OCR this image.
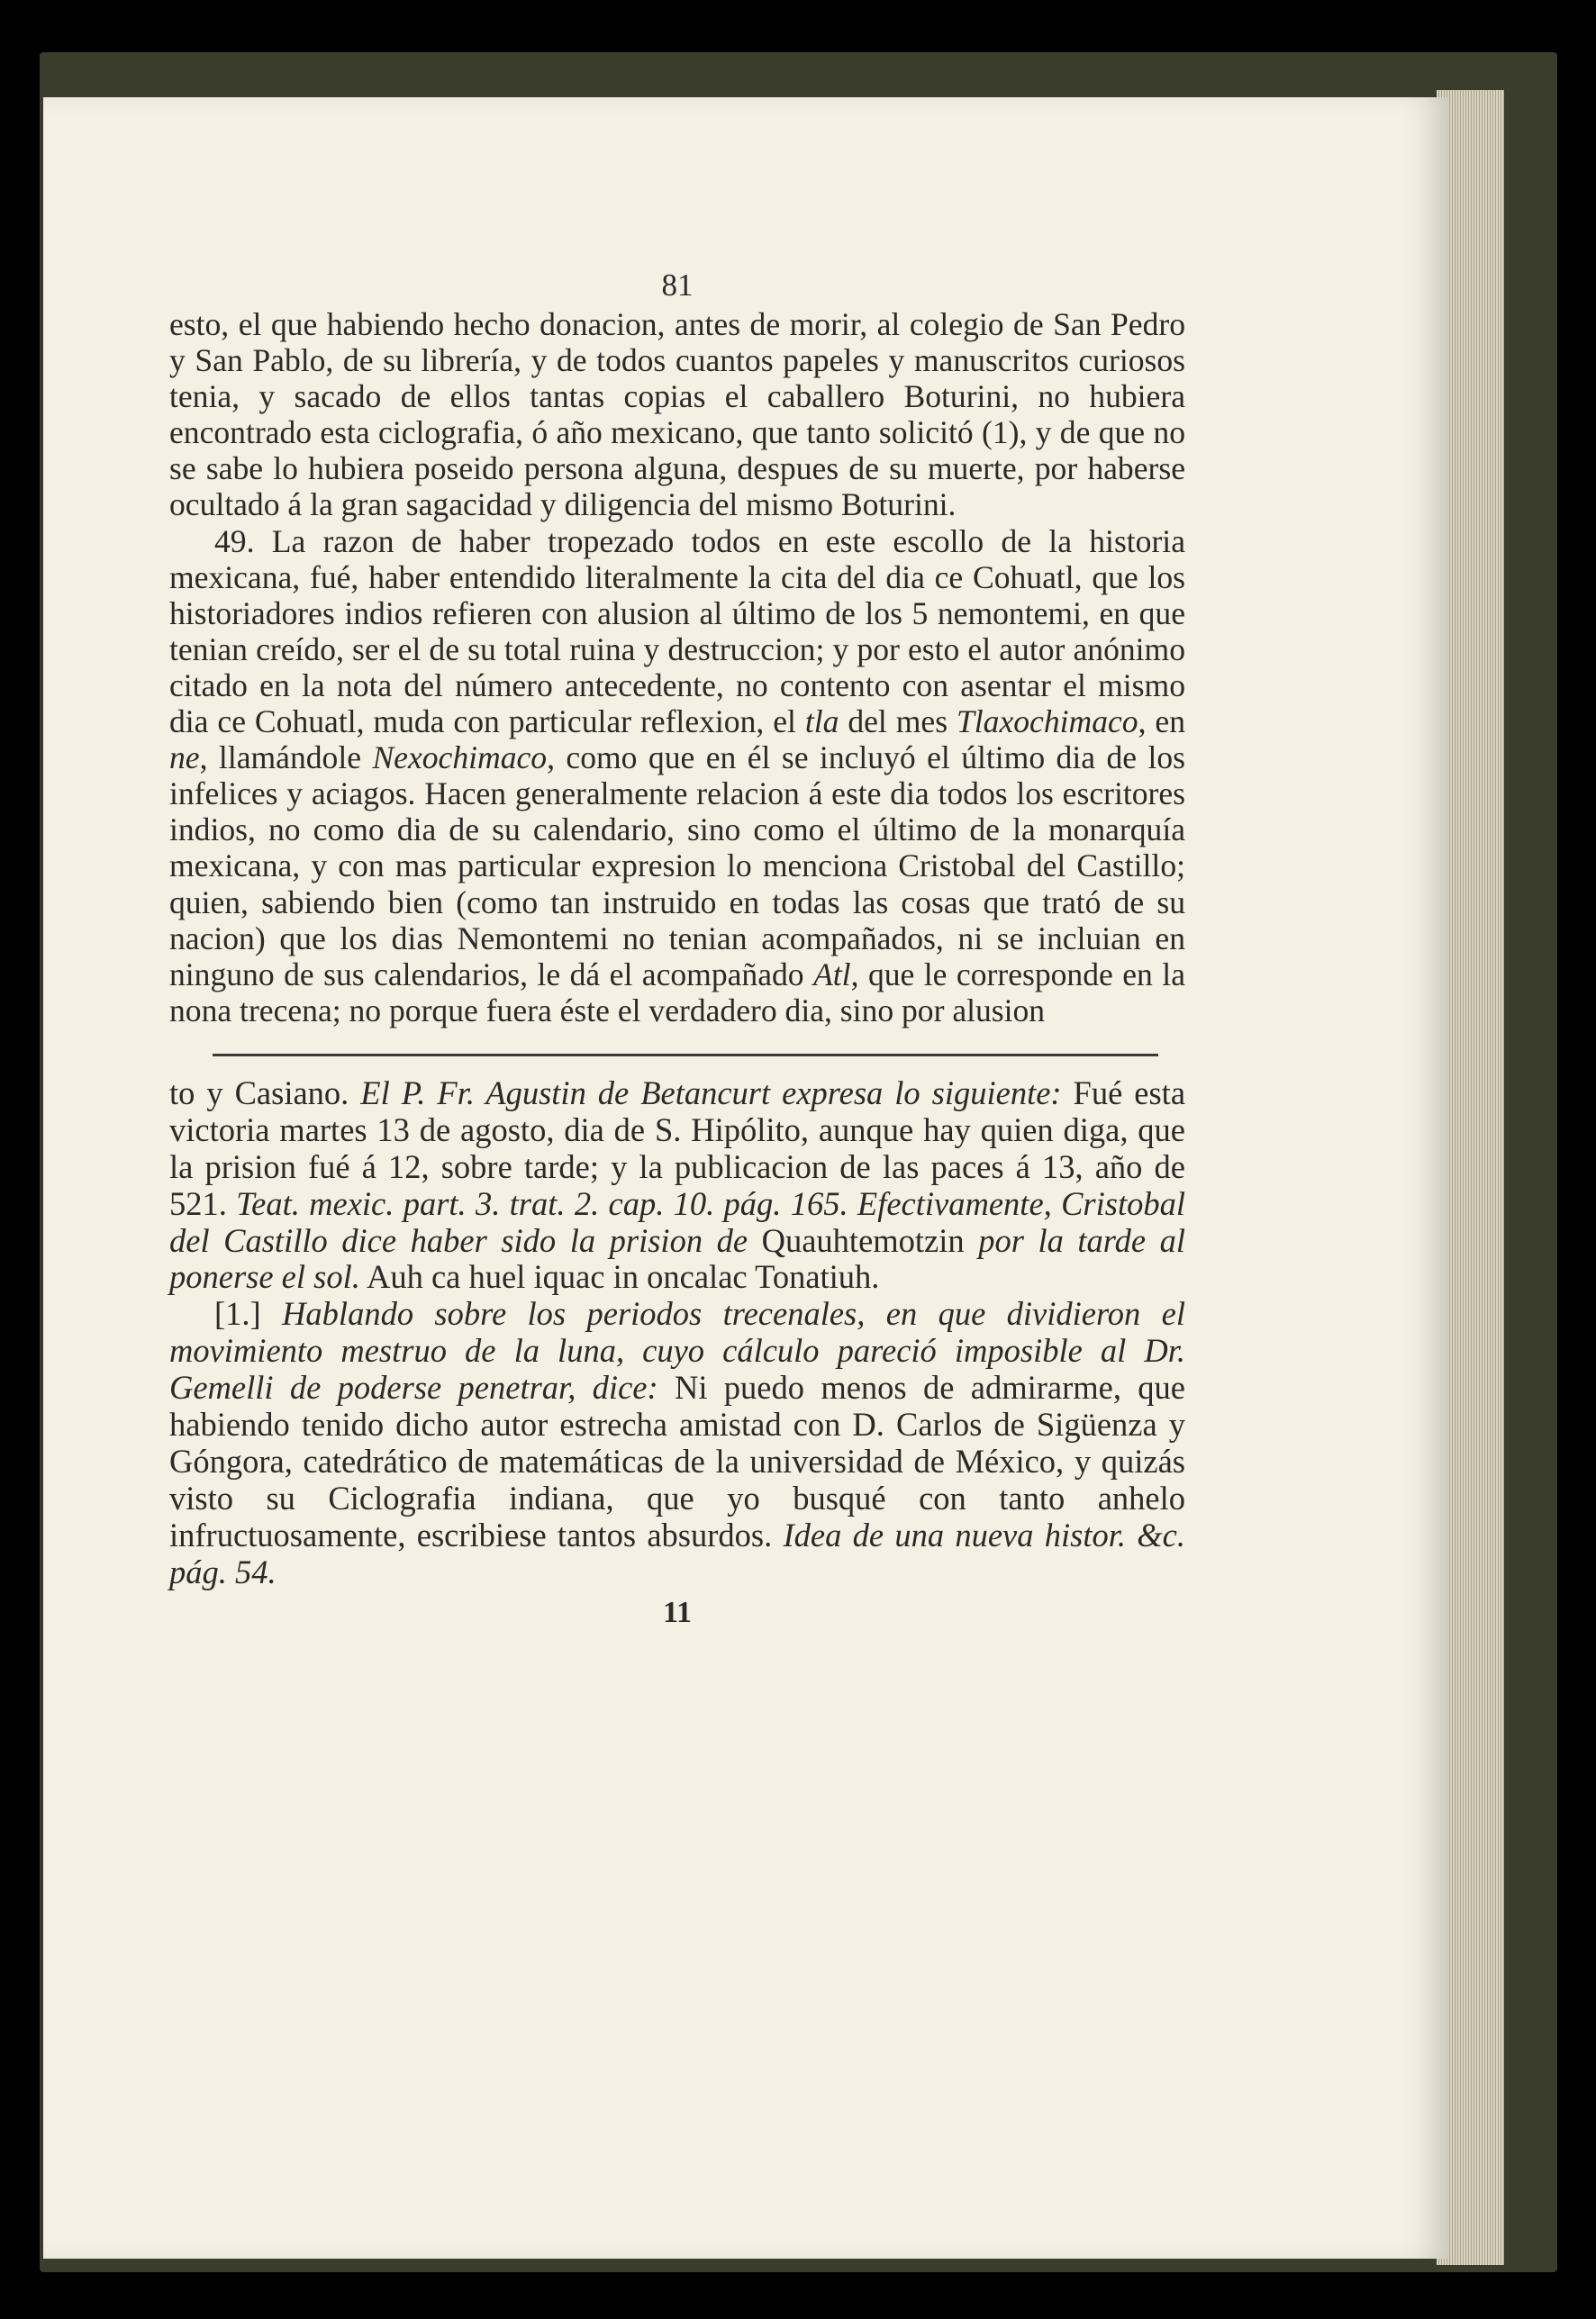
81

esto, el que habiendo hecho donacion, antes de morir, al colegio de San Pedro y San Pablo, de su librería, y de todos cuantos papeles y manuscritos curiosos tenia, y sacado de ellos tantas copias el caballero Boturini, no hubiera encontrado esta ciclografia, ó año mexicano, que tanto solicitó (1), y de que no se sabe lo hubiera poseido persona alguna, despues de su muerte, por haberse ocultado á la gran sagacidad y diligencia del mismo Boturini.

49. La razon de haber tropezado todos en este escollo de la historia mexicana, fué, haber entendido literalmente la cita del dia ce Cohuatl, que los historiadores indios refieren con alusion al último de los 5 nemontemi, en que tenian creído, ser el de su total ruina y destruccion; y por esto el autor anónimo citado en la nota del número antecedente, no contento con asentar el mismo dia ce Cohuatl, muda con particular reflexion, el tla del mes Tlaxochimaco, en ne, llamándole Nexochimaco, como que en él se incluyó el último dia de los infelices y aciagos. Hacen generalmente relacion á este dia todos los escritores indios, no como dia de su calendario, sino como el último de la monarquía mexicana, y con mas particular expresion lo menciona Cristobal del Castillo; quien, sabiendo bien (como tan instruido en todas las cosas que trató de su nacion) que los dias Nemontemi no tenian acompañados, ni se incluian en ninguno de sus calendarios, le dá el acompañado Atl, que le corresponde en la nona trecena; no porque fuera éste el verdadero dia, sino por alusion

to y Casiano. El P. Fr. Agustin de Betancurt expresa lo siguiente: Fué esta victoria martes 13 de agosto, dia de S. Hipólito, aunque hay quien diga, que la prision fué á 12, sobre tarde; y la publicacion de las paces á 13, año de 521. Teat. mexic. part. 3. trat. 2. cap. 10. pág. 165. Efectivamente, Cristobal del Castillo dice haber sido la prision de Quauhtemotzin por la tarde al ponerse el sol. Auh ca huel iquac in oncalac Tonatiuh.

[1.] Hablando sobre los periodos trecenales, en que dividieron el movimiento mestruo de la luna, cuyo cálculo pareció imposible al Dr. Gemelli de poderse penetrar, dice: Ni puedo menos de admirarme, que habiendo tenido dicho autor estrecha amistad con D. Carlos de Sigüenza y Góngora, catedrático de matemáticas de la universidad de México, y quizás visto su Ciclografia indiana, que yo busqué con tanto anhelo infructuosamente, escribiese tantos absurdos. Idea de una nueva histor. &c. pág. 54.

11
